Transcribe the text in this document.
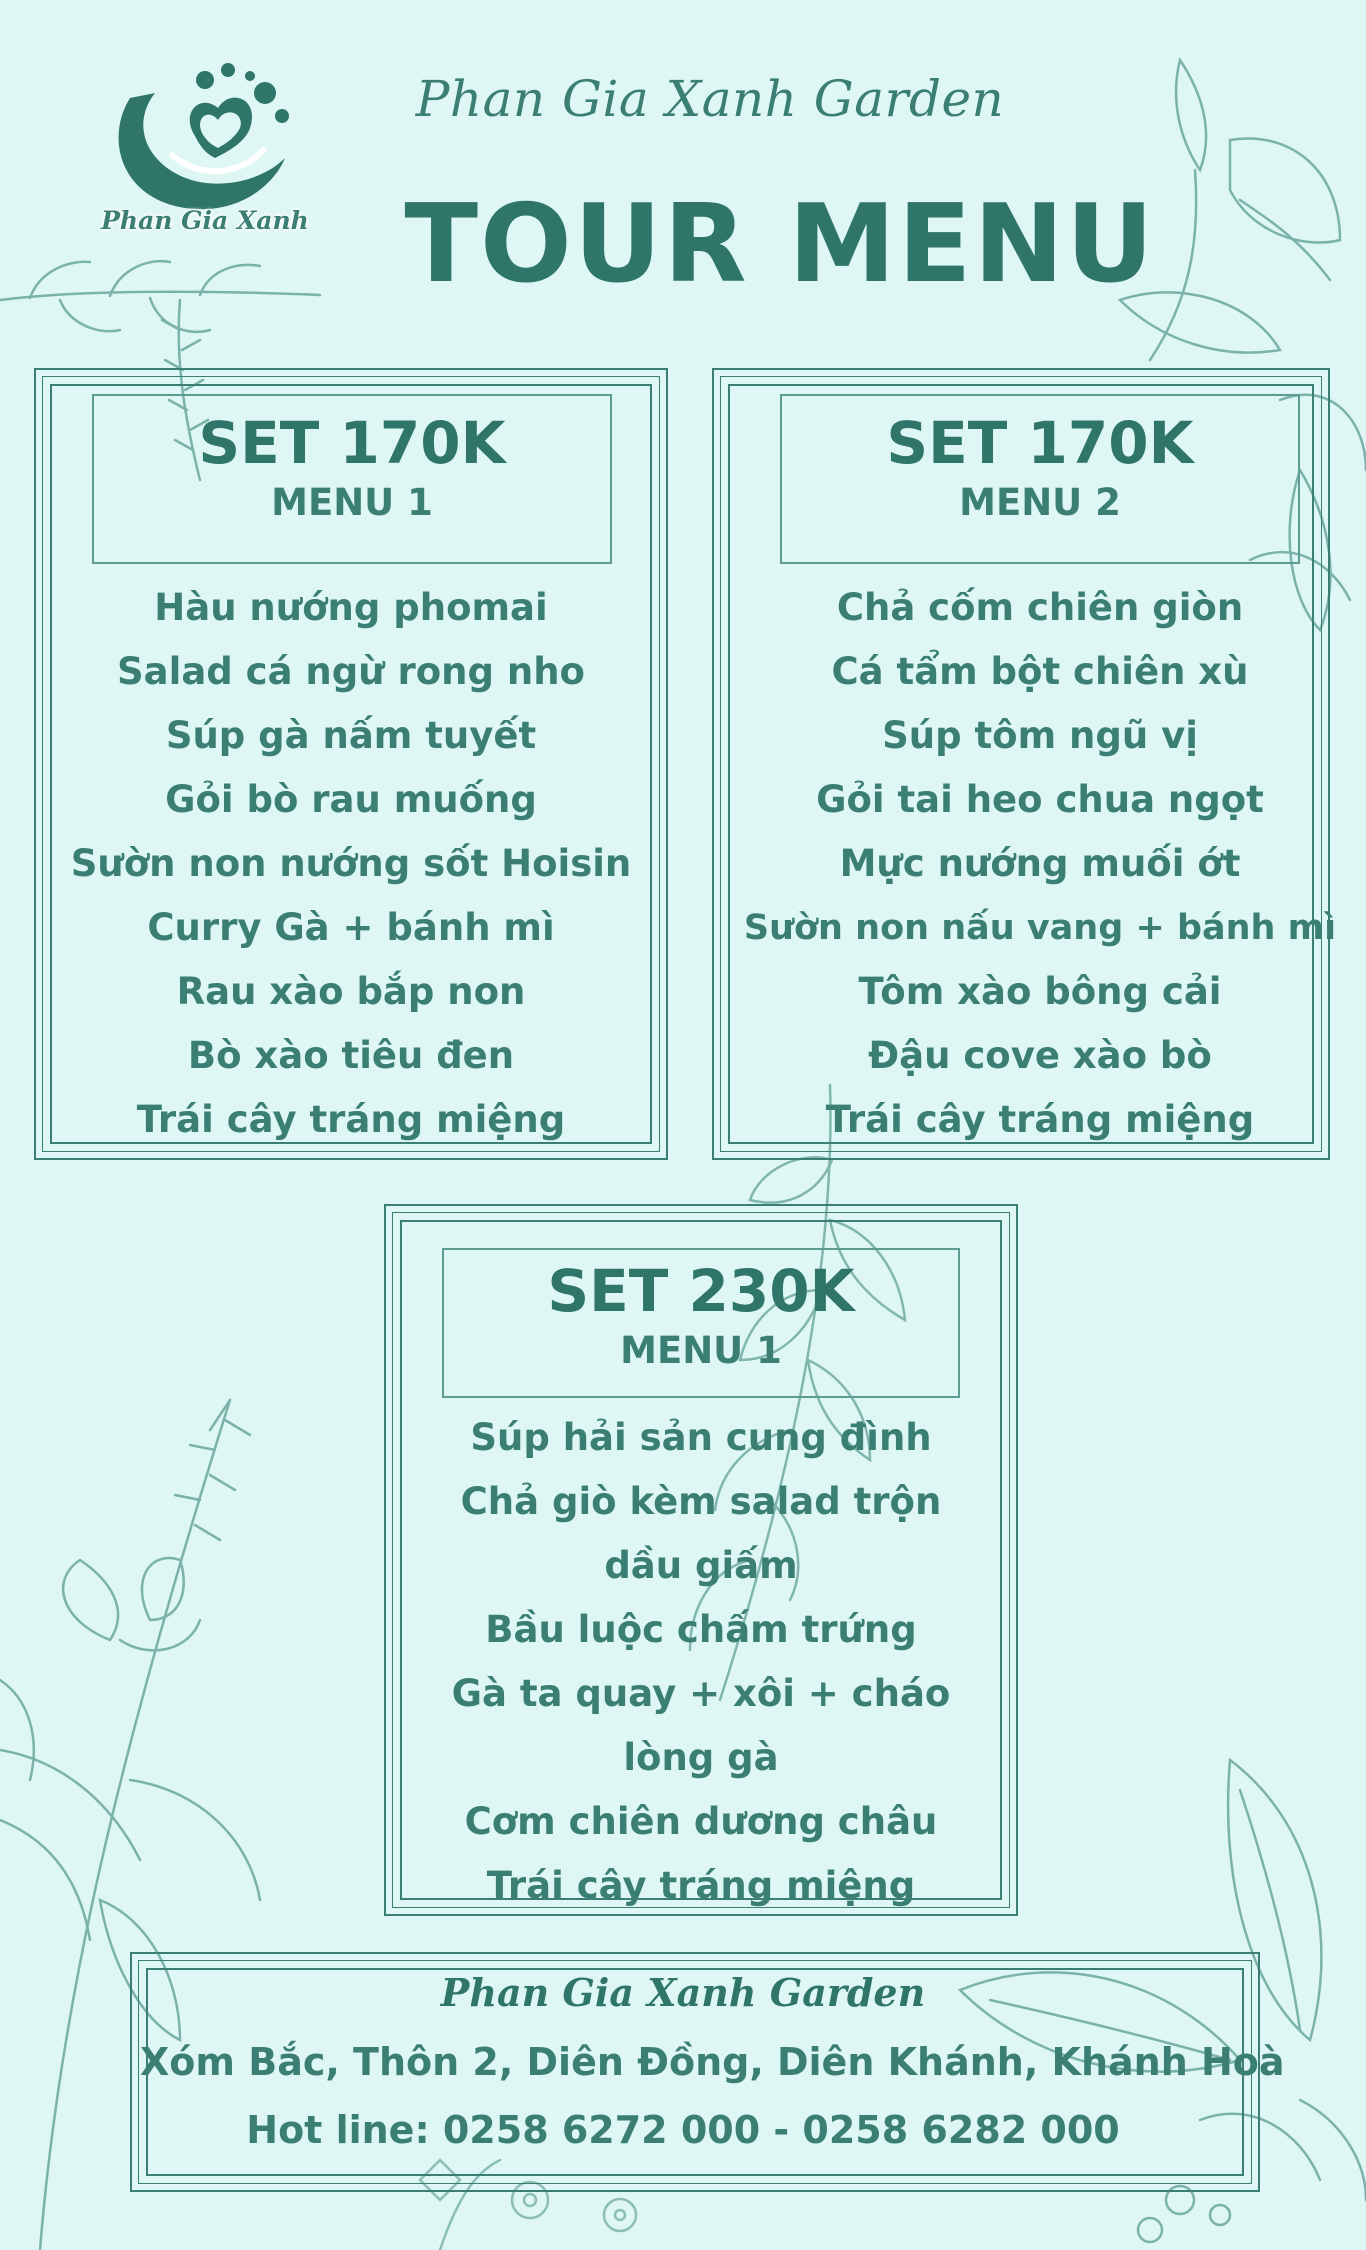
Phan Gia Xanh
Phan Gia Xanh Garden
TOUR MENU
SET 170K
MENU 1
Hàu nướng phomai
Salad cá ngừ rong nho
Súp gà nấm tuyết
Gỏi bò rau muống
Sườn non nướng sốt Hoisin
Curry Gà + bánh mì
Rau xào bắp non
Bò xào tiêu đen
Trái cây tráng miệng
SET 170K
MENU 2
Chả cốm chiên giòn
Cá tẩm bột chiên xù
Súp tôm ngũ vị
Gỏi tai heo chua ngọt
Mực nướng muối ớt
Sườn non nấu vang + bánh mì
Tôm xào bông cải
Đậu cove xào bò
Trái cây tráng miệng
SET 230K
MENU 1
Súp hải sản cung đình
Chả giò kèm salad trộn
dầu giấm
Bầu luộc chấm trứng
Gà ta quay + xôi + cháo
lòng gà
Cơm chiên dương châu
Trái cây tráng miệng
Phan Gia Xanh Garden
Xóm Bắc, Thôn 2, Diên Đồng, Diên Khánh, Khánh Hoà
Hot line: 0258 6272 000 - 0258 6282 000
